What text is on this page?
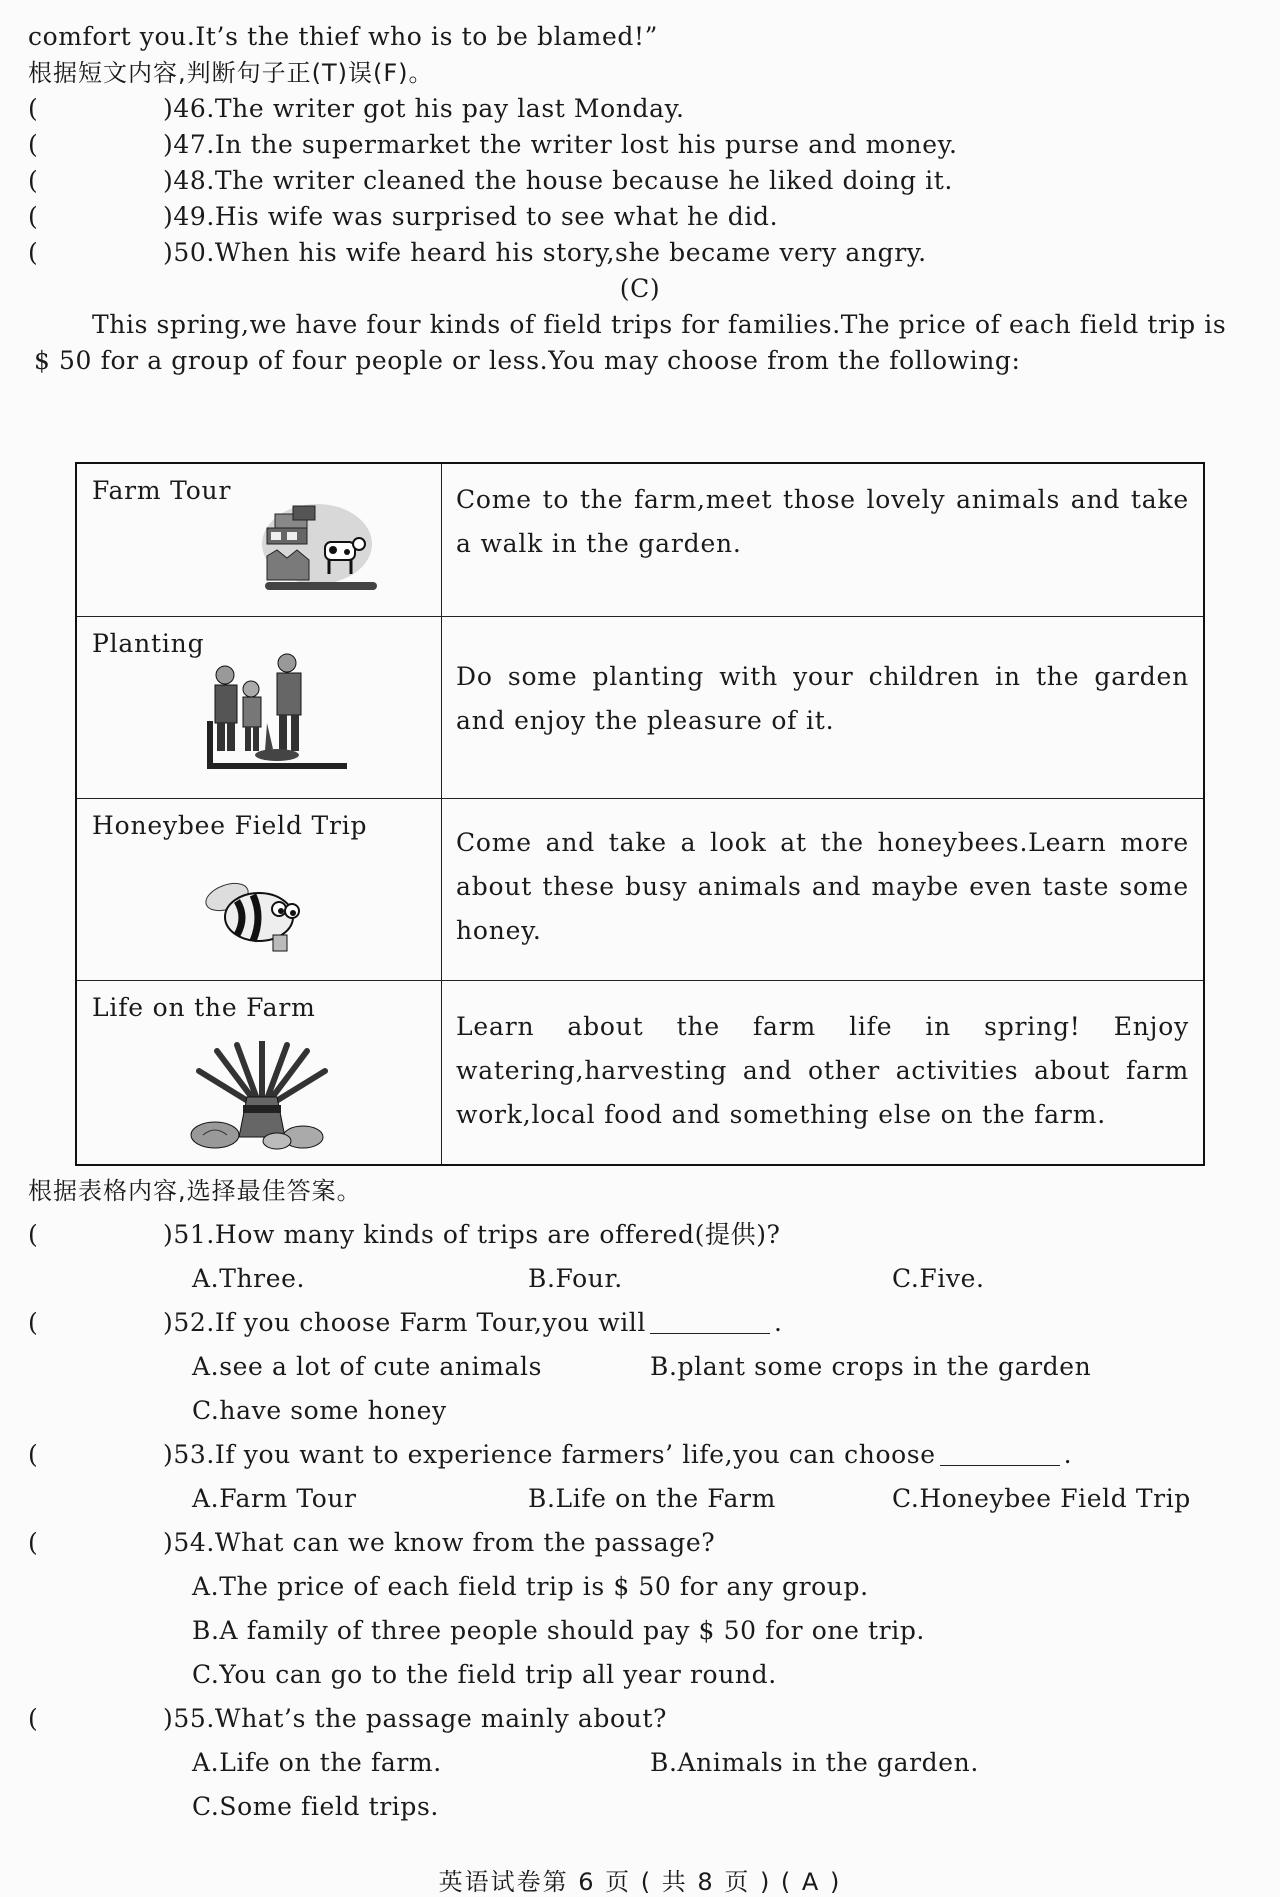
comfort you.It’s the thief who is to be blamed!”
根据短文内容,判断句子正(T)误(F)。
(	)46.The writer got his pay last Monday.
(	)47.In the supermarket the writer lost his purse and money.
(	)48.The writer cleaned the house because he liked doing it.
(	)49.His wife was surprised to see what he did.
(	)50.When his wife heard his story,she became very angry.
(C)
This spring,we have four kinds of field trips for families.The price of each field trip is
$ 50 for a group of four people or less.You may choose from the following:
Farm Tour	Come to the farm,meet those lovely animals and take a walk in the garden.

Planting	Do some planting with your children in the garden and enjoy the pleasure of it.

Honeybee Field Trip	Come and take a look at the honeybees.Learn more about these busy animals and maybe even taste some honey.

Life on the Farm	Learn about the farm life in spring! Enjoy watering,harvesting and other activities about farm work,local food and something else on the farm.
根据表格内容,选择最佳答案。
(	)51.How many kinds of trips are offered(提供)?
A.Three.	B.Four.	C.Five.
(	)52.If you choose Farm Tour,you will	.
A.see a lot of cute animals	B.plant some crops in the garden
C.have some honey
(	)53.If you want to experience farmers’ life,you can choose	.
A.Farm Tour	B.Life on the Farm	C.Honeybee Field Trip
(	)54.What can we know from the passage?
A.The price of each field trip is $ 50 for any group.
B.A family of three people should pay $ 50 for one trip.
C.You can go to the field trip all year round.
(	)55.What’s the passage mainly about?
A.Life on the farm.	B.Animals in the garden.
C.Some field trips.
英语试卷第 6 页 ( 共 8 页 ) ( A )
